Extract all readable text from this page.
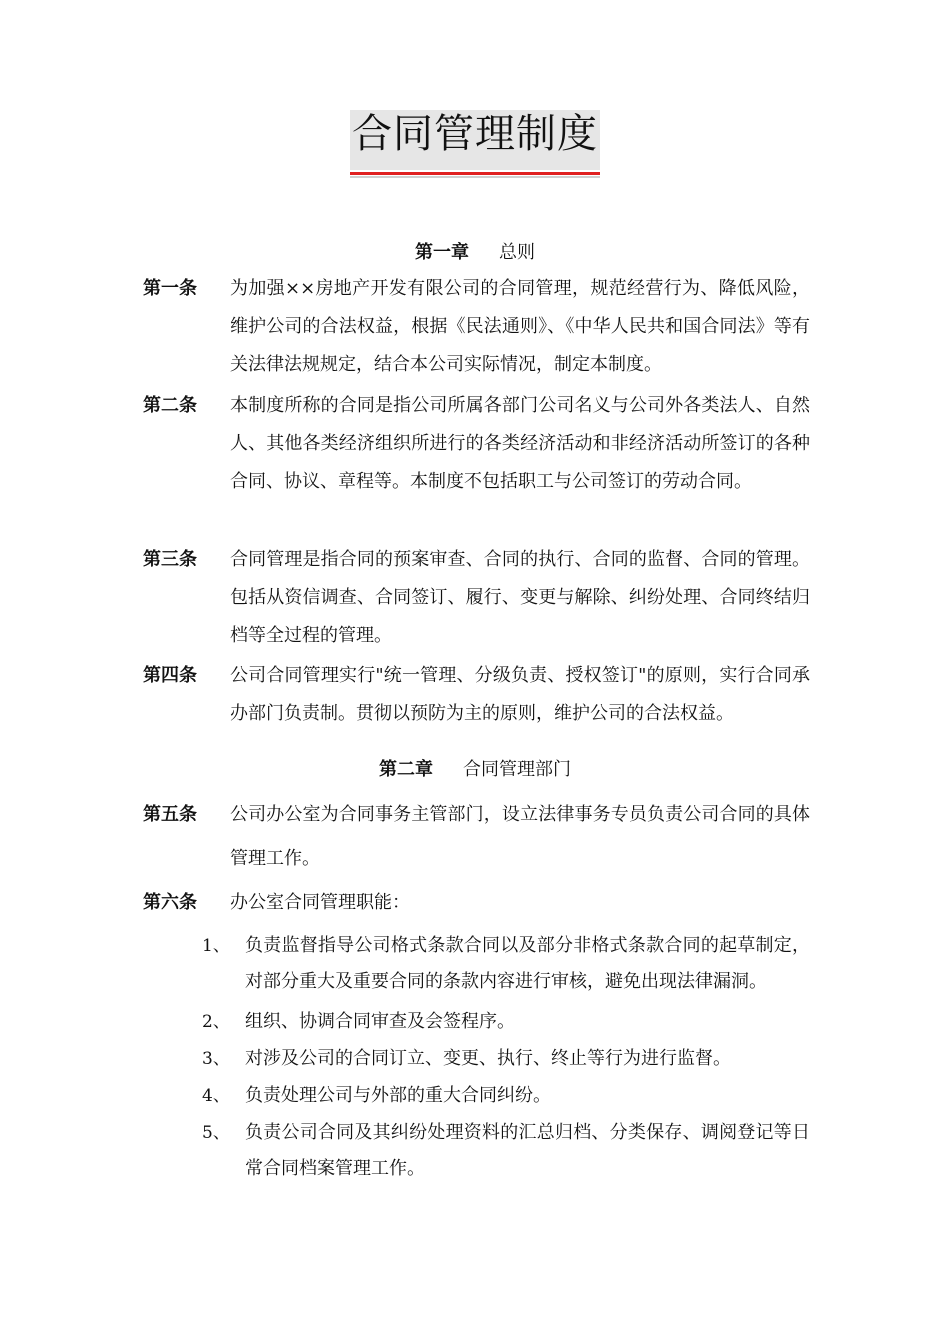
合同管理制度
第一章 总则
第一条 为加强××房地产开发有限公司的合同管理，规范经营行为、降低风险，维护公司的合法权益，根据《民法通则》、《中华人民共和国合同法》等有关法律法规规定，结合本公司实际情况，制定本制度。
第二条 本制度所称的合同是指公司所属各部门公司名义与公司外各类法人、自然人、其他各类经济组织所进行的各类经济活动和非经济活动所签订的各种合同、协议、章程等。本制度不包括职工与公司签订的劳动合同。
第三条 合同管理是指合同的预案审查、合同的执行、合同的监督、合同的管理。包括从资信调查、合同签订、履行、变更与解除、纠纷处理、合同终结归档等全过程的管理。
第四条 公司合同管理实行"统一管理、分级负责、授权签订"的原则，实行合同承办部门负责制。贯彻以预防为主的原则，维护公司的合法权益。
第二章 合同管理部门
第五条 公司办公室为合同事务主管部门，设立法律事务专员负责公司合同的具体管理工作。
第六条 办公室合同管理职能：
1、 负责监督指导公司格式条款合同以及部分非格式条款合同的起草制定，对部分重大及重要合同的条款内容进行审核，避免出现法律漏洞。
2、 组织、协调合同审查及会签程序。
3、 对涉及公司的合同订立、变更、执行、终止等行为进行监督。
4、 负责处理公司与外部的重大合同纠纷。
5、 负责公司合同及其纠纷处理资料的汇总归档、分类保存、调阅登记等日常合同档案管理工作。
